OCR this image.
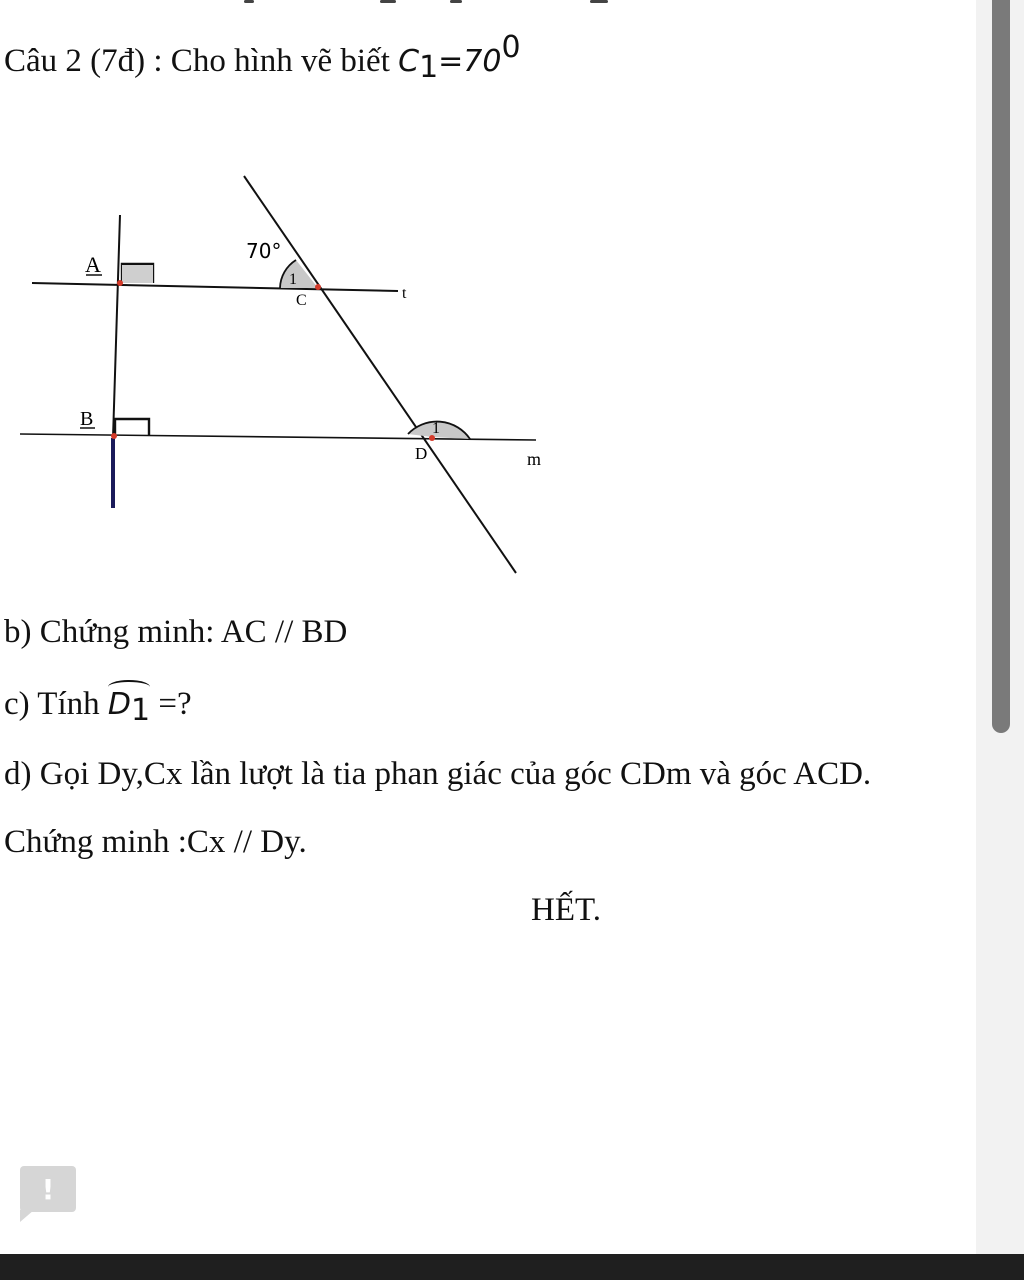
Câu 2 (7đ) : Cho hình vẽ biết $C_1=70^0$
A
C	t
B
D	m
70°
1
1
b) Chứng minh: AC // BD
c) Tính
$D_1$ =?
d) Gọi Dy,Cx lần lượt là tia phan giác của góc CDm và góc ACD.
Chứng minh :Cx // Dy.
HẾT.
!
